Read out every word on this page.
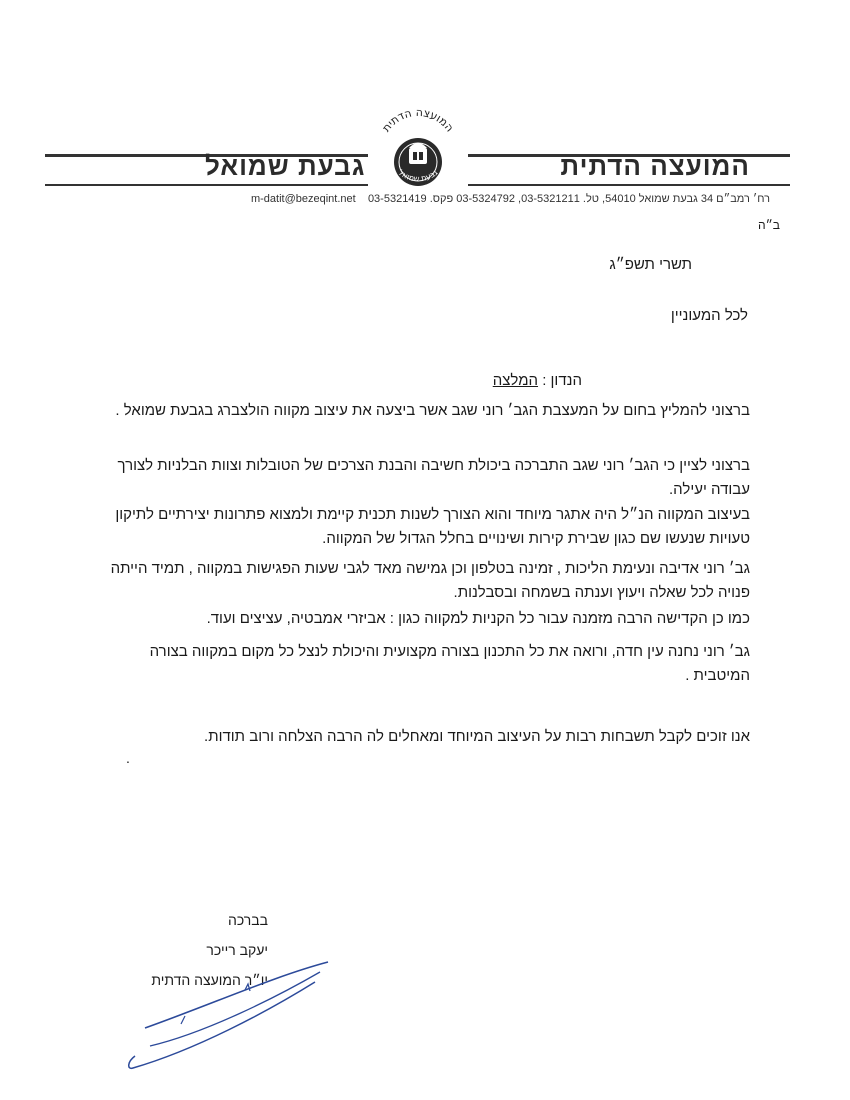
המועצה הדתית
גבעת שמואל
המועצה הדתית
גבעת שמואל
רח׳ רמב״ם 34 גבעת שמואל 54010, טל. 03-5321211, 03-5324792 פקס. 03-5321419    m-datit@bezeqint.net
ב״ה
תשרי תשפ״ג
לכל המעוניין
הנדון : המלצה
ברצוני להמליץ בחום על המעצבת הגב׳ רוני שגב אשר ביצעה את עיצוב מקווה הולצברג בגבעת שמואל .
ברצוני לציין כי הגב׳ רוני שגב התברכה ביכולת חשיבה והבנת הצרכים של הטובלות וצוות הבלניות לצורך עבודה יעילה.
בעיצוב המקווה הנ״ל היה אתגר מיוחד והוא הצורך לשנות תכנית קיימת ולמצוא פתרונות יצירתיים לתיקון טעויות שנעשו שם כגון שבירת קירות ושינויים בחלל הגדול של המקווה.
גב׳ רוני אדיבה ונעימת הליכות , זמינה בטלפון וכן גמישה מאד לגבי שעות הפגישות במקווה , תמיד הייתה פנויה לכל שאלה ויעוץ וענתה בשמחה ובסבלנות.
כמו כן הקדישה הרבה מזמנה עבור כל הקניות למקווה כגון : אביזרי אמבטיה, עציצים ועוד.
גב׳ רוני נחנה עין חדה, ורואה את כל התכנון בצורה מקצועית והיכולת לנצל כל מקום במקווה בצורה המיטבית .
אנו זוכים לקבל תשבחות רבות על העיצוב המיוחד ומאחלים לה הרבה הצלחה ורוב תודות.
.
בברכה
יעקב רייכר
יו״ר המועצה הדתית
